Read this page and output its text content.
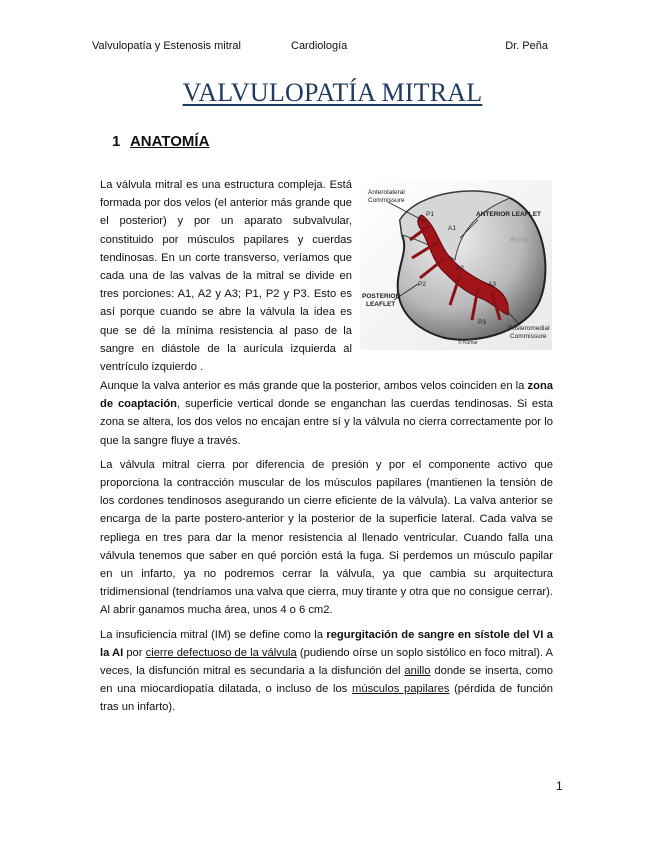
Valvulopatía y Estenosis mitral	Cardiología	Dr. Peña
VALVULOPATÍA MITRAL
1 ANATOMÍA
La válvula mitral es una estructura compleja. Está formada por dos velos (el anterior más grande que el posterior) y por un aparato subvalvular, constituido por músculos papilares y cuerdas tendinosas. En un corte transverso, veríamos que cada una de las valvas de la mitral se divide en tres porciones: A1, A2 y A3; P1, P2 y P3. Esto es así porque cuando se abre la válvula la idea es que se dé la mínima resistencia al paso de la sangre en diástole de la aurícula izquierda al ventrículo izquierdo .
Anterolateral
Commissure
ANTERIOR LEAFLET
Aorta
POSTERIOR
LEAFLET
Posteromedial
Commissure
P1
A1
A2
P2	A3
P3
© Kumar

Aunque la valva anterior es más grande que la posterior, ambos velos coinciden en la zona de coaptación, superficie vertical donde se enganchan las cuerdas tendinosas. Si esta zona se altera, los dos velos no encajan entre sí y la válvula no cierra correctamente por lo que la sangre fluye a través.

La válvula mitral cierra por diferencia de presión y por el componente activo que proporciona la contracción muscular de los músculos papilares (mantienen la tensión de los cordones tendinosos asegurando un cierre eficiente de la válvula). La valva anterior se encarga de la parte postero-anterior y la posterior de la superficie lateral. Cada valva se repliega en tres para dar la menor resistencia al llenado ventricular. Cuando falla una válvula tenemos que saber en qué porción está la fuga. Si perdemos un músculo papilar en un infarto, ya no podremos cerrar la válvula, ya que cambia su arquitectura tridimensional (tendríamos una valva que cierra, muy tirante y otra que no consigue cerrar). Al abrir ganamos mucha área, unos 4 o 6 cm2.

La insuficiencia mitral (IM) se define como la regurgitación de sangre en sístole del VI a la AI por cierre defectuoso de la válvula (pudiendo oírse un soplo sistólico en foco mitral). A veces, la disfunción mitral es secundaria a la disfunción del anillo donde se inserta, como en una miocardiopatía dilatada, o incluso de los músculos papilares (pérdida de función tras un infarto).

1
